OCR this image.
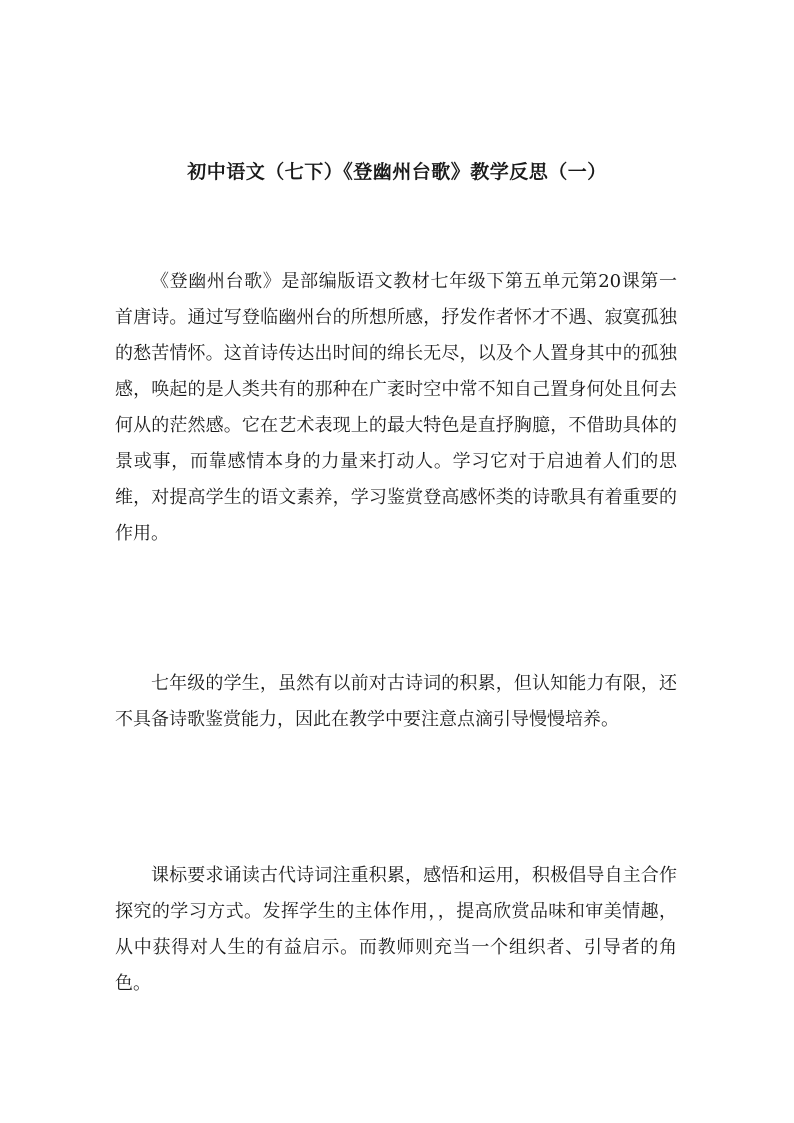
初中语文（七下）《登幽州台歌》教学反思（一）

《登幽州台歌》是部编版语文教材七年级下第五单元第20课第一首唐诗。通过写登临幽州台的所想所感，抒发作者怀才不遇、寂寞孤独的愁苦情怀。这首诗传达出时间的绵长无尽，以及个人置身其中的孤独感，唤起的是人类共有的那种在广袤时空中常不知自己置身何处且何去何从的茫然感。它在艺术表现上的最大特色是直抒胸臆，不借助具体的景或事，而靠感情本身的力量来打动人。学习它对于启迪着人们的思维，对提高学生的语文素养，学习鉴赏登高感怀类的诗歌具有着重要的作用。

七年级的学生，虽然有以前对古诗词的积累，但认知能力有限，还不具备诗歌鉴赏能力，因此在教学中要注意点滴引导慢慢培养。

课标要求诵读古代诗词注重积累，感悟和运用，积极倡导自主合作探究的学习方式。发挥学生的主体作用，，提高欣赏品味和审美情趣，从中获得对人生的有益启示。而教师则充当一个组织者、引导者的角色。
